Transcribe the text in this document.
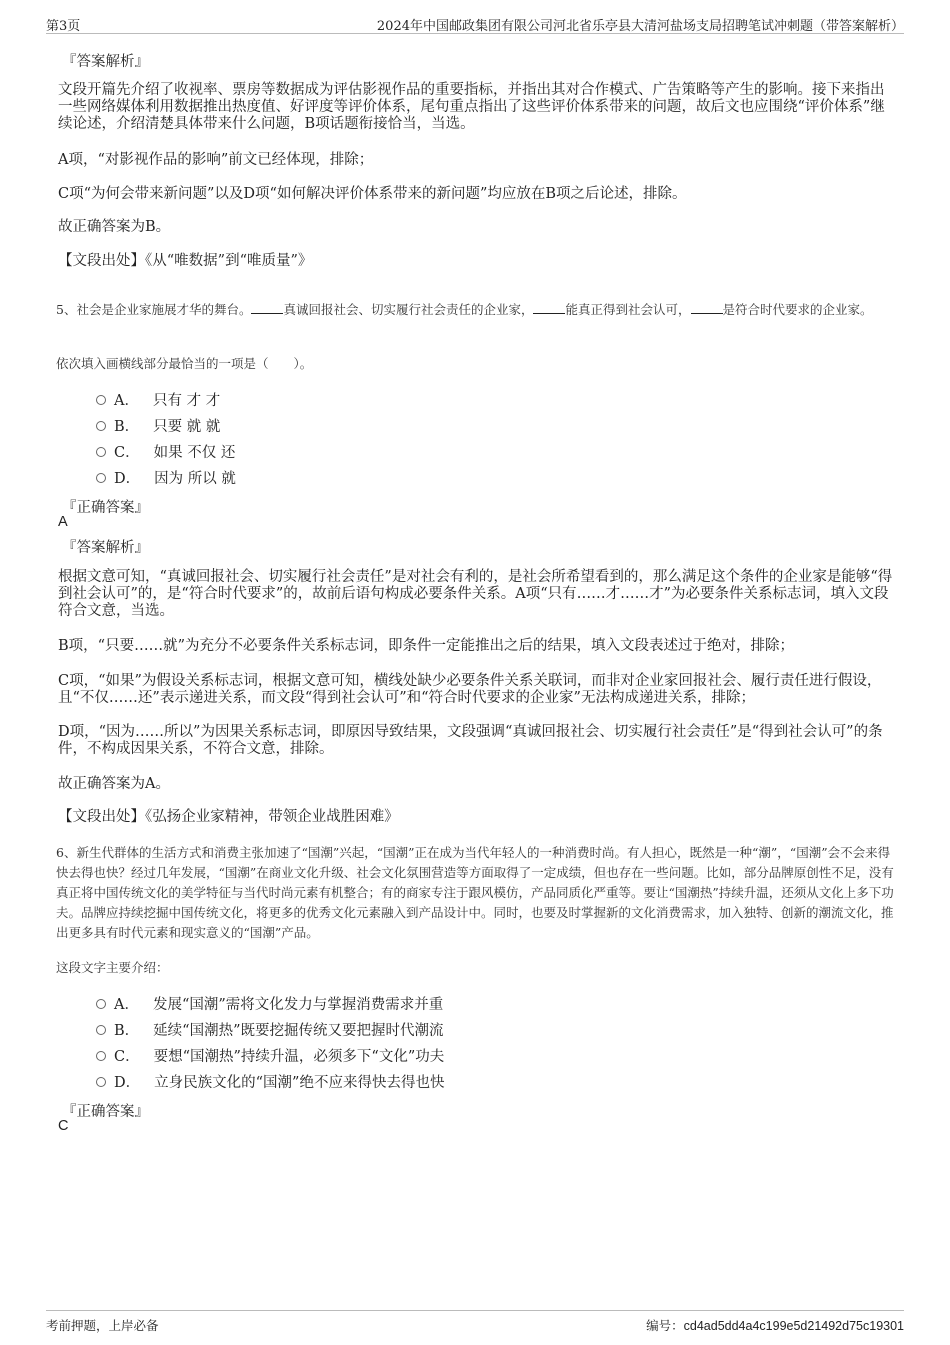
第3页	2024年中国邮政集团有限公司河北省乐亭县大清河盐场支局招聘笔试冲刺题（带答案解析）
『答案解析』

文段开篇先介绍了收视率、票房等数据成为评估影视作品的重要指标，并指出其对合作模式、广告策略等产生的影响。接下来指出一些网络媒体利用数据推出热度值、好评度等评价体系，尾句重点指出了这些评价体系带来的问题，故后文也应围绕“评价体系”继续论述，介绍清楚具体带来什么问题，B项话题衔接恰当，当选。

A项，“对影视作品的影响”前文已经体现，排除；

C项“为何会带来新问题”以及D项“如何解决评价体系带来的新问题”均应放在B项之后论述，排除。

故正确答案为B。

【文段出处】《从“唯数据”到“唯质量”》

5、社会是企业家施展才华的舞台。	真诚回报社会、切实履行社会责任的企业家，	能真正得到社会认可，	是符合时代要求的企业家。

依次填入画横线部分最恰当的一项是（　　）。

A． 只有 才 才
B． 只要 就 就
C． 如果 不仅 还
D． 因为 所以 就
『正确答案』
A
『答案解析』

根据文意可知，“真诚回报社会、切实履行社会责任”是对社会有利的，是社会所希望看到的，那么满足这个条件的企业家是能够“得到社会认可”的，是“符合时代要求”的，故前后语句构成必要条件关系。A项“只有……才……才”为必要条件关系标志词，填入文段符合文意，当选。

B项，“只要……就”为充分不必要条件关系标志词，即条件一定能推出之后的结果，填入文段表述过于绝对，排除；

C项，“如果”为假设关系标志词，根据文意可知，横线处缺少必要条件关系关联词，而非对企业家回报社会、履行责任进行假设，且“不仅……还”表示递进关系，而文段“得到社会认可”和“符合时代要求的企业家”无法构成递进关系，排除；

D项，“因为……所以”为因果关系标志词，即原因导致结果，文段强调“真诚回报社会、切实履行社会责任”是“得到社会认可”的条件，不构成因果关系，不符合文意，排除。

故正确答案为A。

【文段出处】《弘扬企业家精神，带领企业战胜困难》

6、新生代群体的生活方式和消费主张加速了“国潮”兴起，“国潮”正在成为当代年轻人的一种消费时尚。有人担心，既然是一种“潮”，“国潮”会不会来得快去得也快？经过几年发展，“国潮”在商业文化升级、社会文化氛围营造等方面取得了一定成绩，但也存在一些问题。比如，部分品牌原创性不足，没有真正将中国传统文化的美学特征与当代时尚元素有机整合；有的商家专注于跟风模仿，产品同质化严重等。要让“国潮热”持续升温，还须从文化上多下功夫。品牌应持续挖掘中国传统文化，将更多的优秀文化元素融入到产品设计中。同时，也要及时掌握新的文化消费需求，加入独特、创新的潮流文化，推出更多具有时代元素和现实意义的“国潮”产品。

这段文字主要介绍：

A． 发展“国潮”需将文化发力与掌握消费需求并重
B． 延续“国潮热”既要挖掘传统又要把握时代潮流
C． 要想“国潮热”持续升温，必须多下“文化”功夫
D． 立身民族文化的“国潮”绝不应来得快去得也快
『正确答案』
C
考前押题，上岸必备	编号：cd4ad5dd4a4c199e5d21492d75c19301
